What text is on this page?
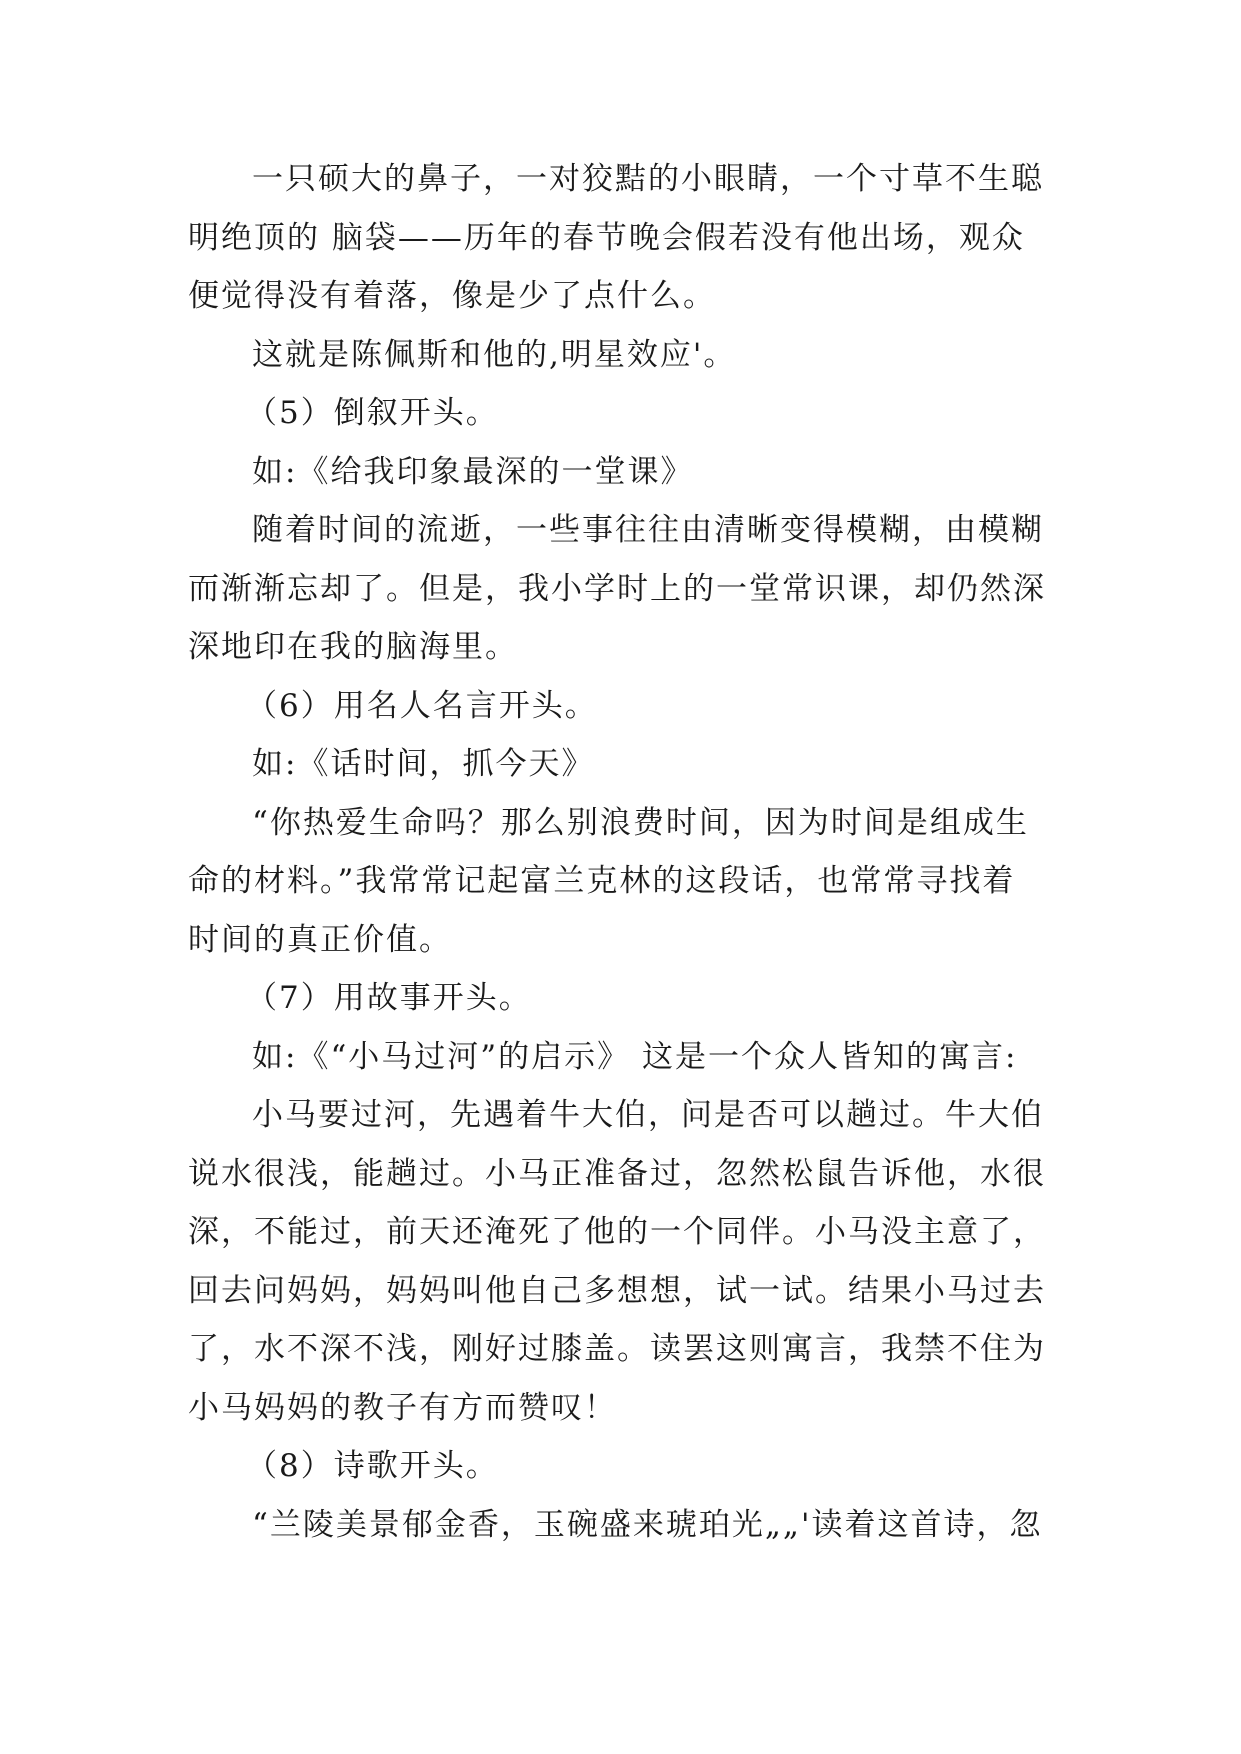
一只硕大的鼻子，一对狡黠的小眼睛，一个寸草不生聪
明绝顶的 脑袋——历年的春节晚会假若没有他出场，观众
便觉得没有着落，像是少了点什么。
这就是陈佩斯和他的,明星效应'。
（5）倒叙开头。
如:《给我印象最深的一堂课》
随着时间的流逝，一些事往往由清晰变得模糊，由模糊
而渐渐忘却了。但是，我小学时上的一堂常识课，却仍然深
深地印在我的脑海里。
（6）用名人名言开头。
如:《话时间，抓今天》
“你热爱生命吗？那么别浪费时间，因为时间是组成生
命的材料。”我常常记起富兰克林的这段话，也常常寻找着
时间的真正价值。
（7）用故事开头。
如:《“小马过河”的启示》 这是一个众人皆知的寓言:
小马要过河，先遇着牛大伯，问是否可以趟过。牛大伯
说水很浅，能趟过。小马正准备过，忽然松鼠告诉他，水很
深，不能过，前天还淹死了他的一个同伴。小马没主意了，
回去问妈妈，妈妈叫他自己多想想，试一试。结果小马过去
了，水不深不浅，刚好过膝盖。读罢这则寓言，我禁不住为
小马妈妈的教子有方而赞叹！
（8）诗歌开头。
“兰陵美景郁金香，玉碗盛来琥珀光„„'读着这首诗，忽
